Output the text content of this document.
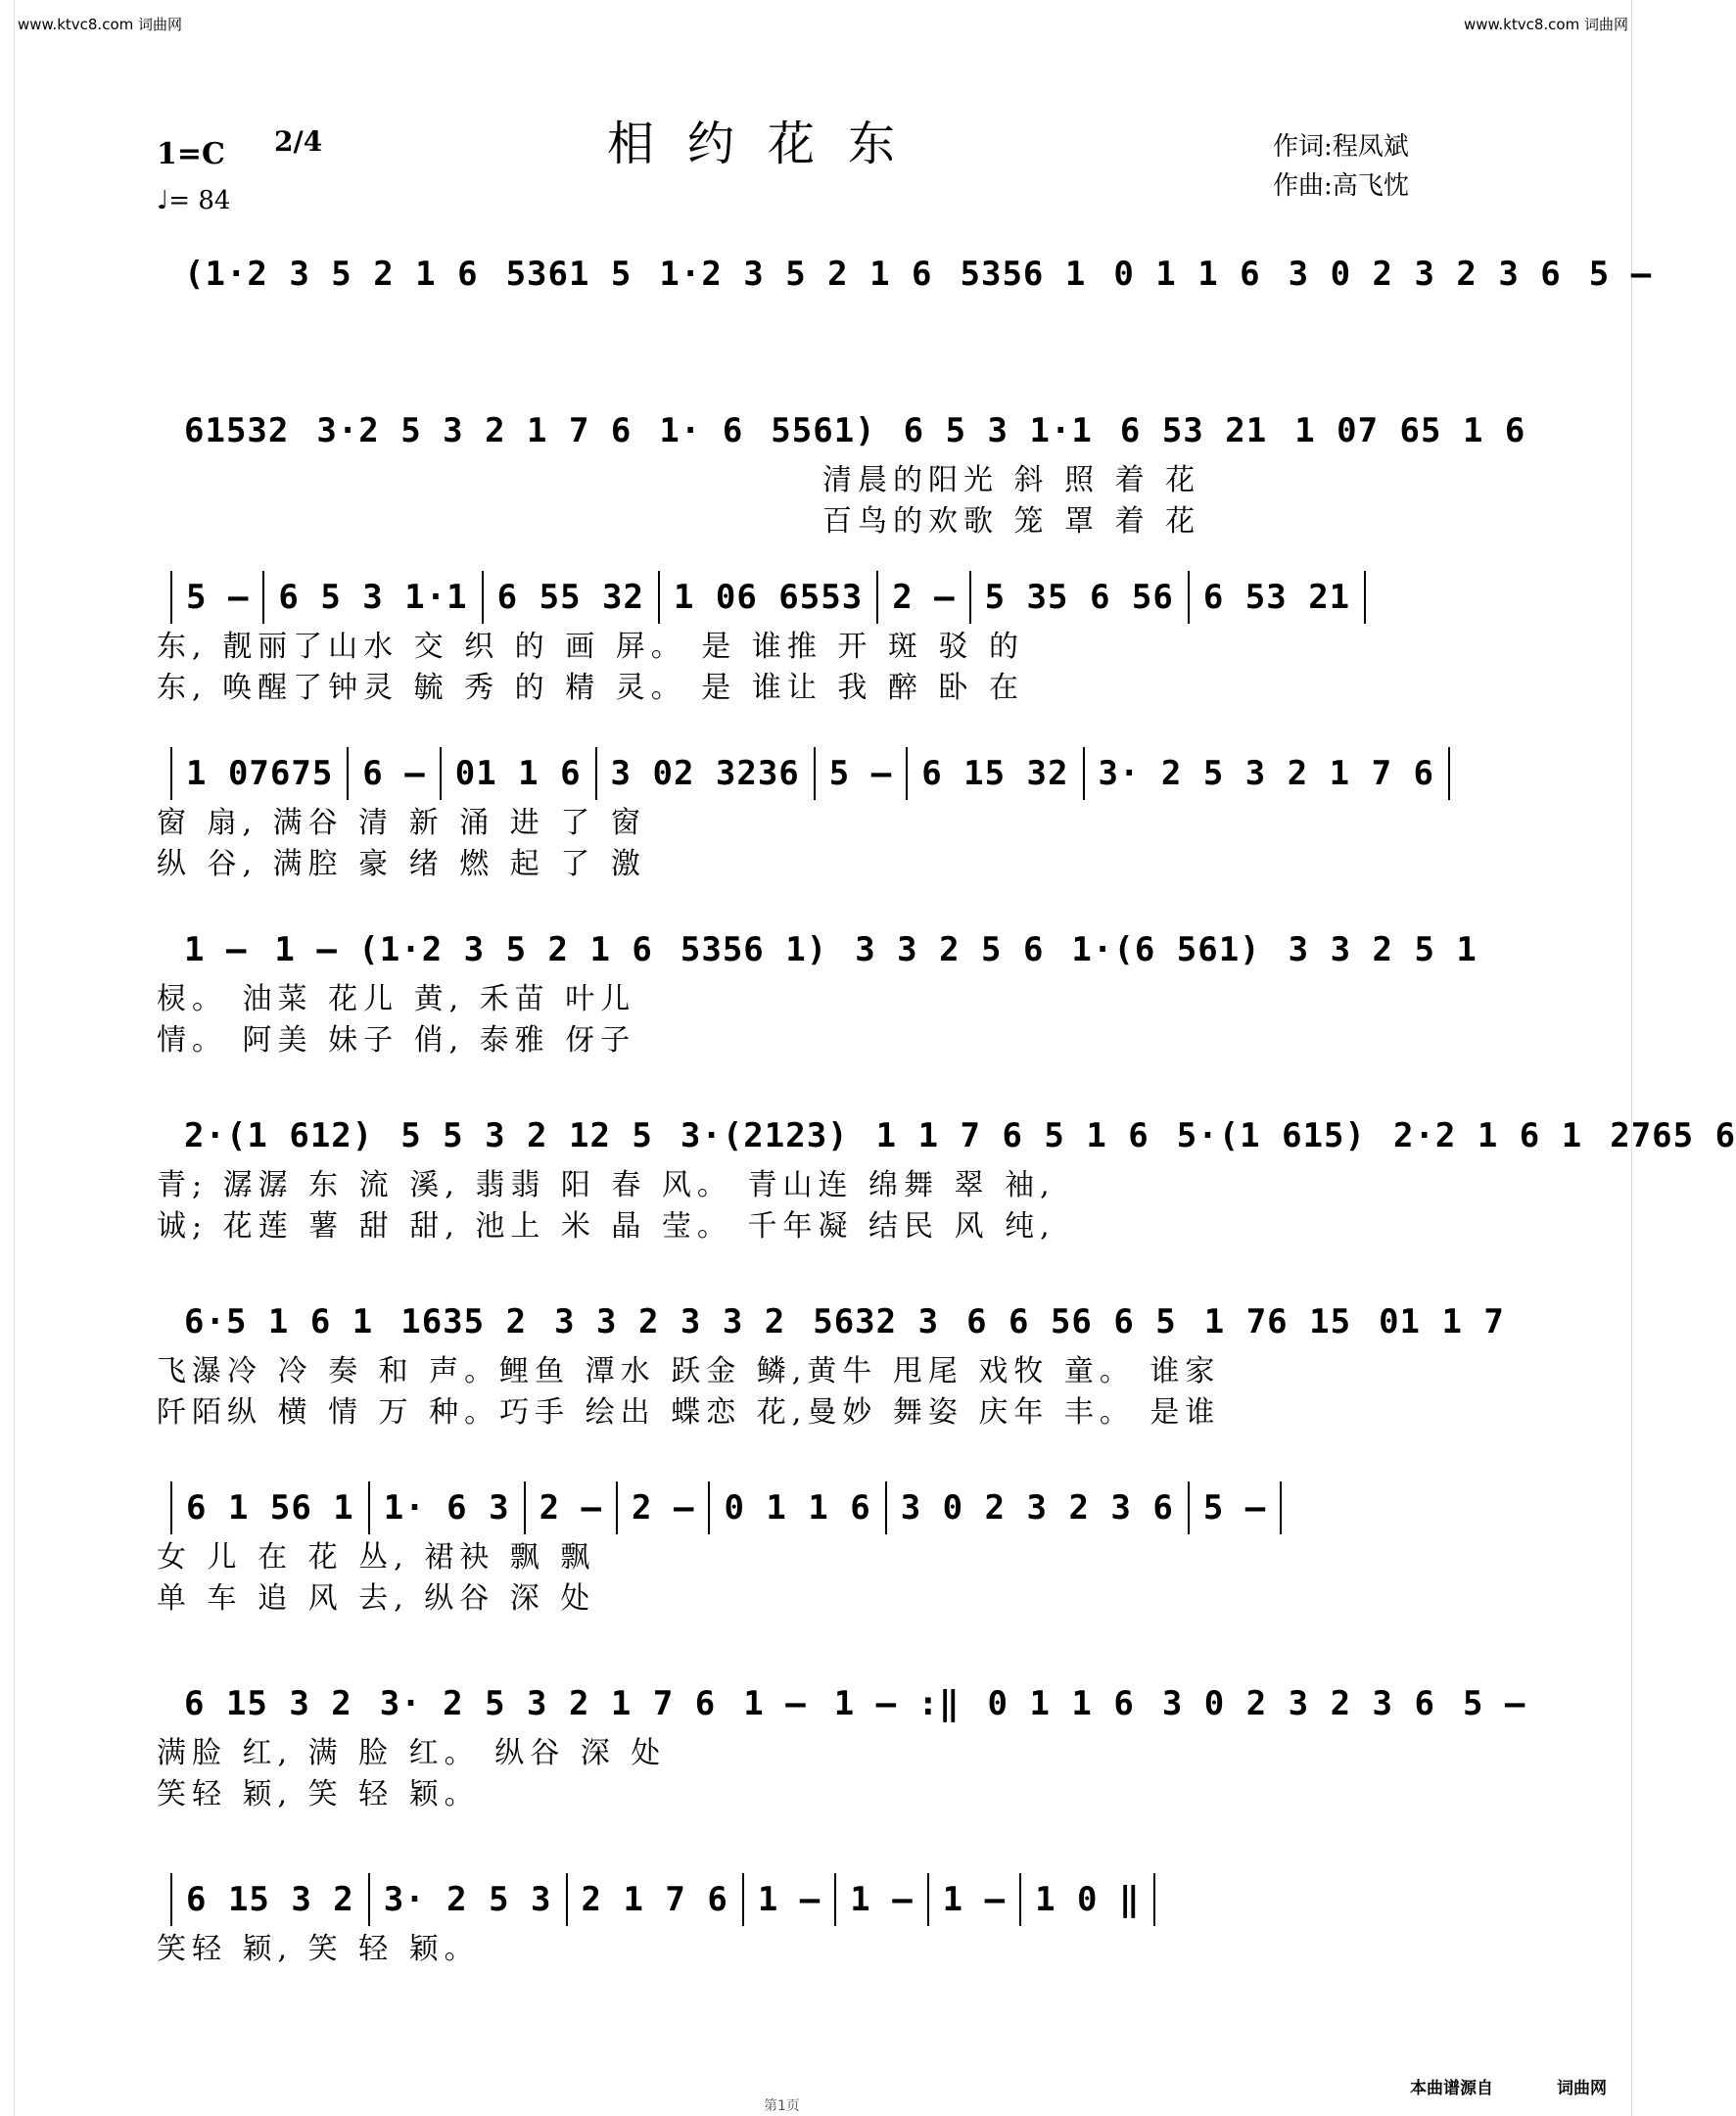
www.ktvc8.com 词曲网	www.ktvc8.com 词曲网
相约花东
1=C
♩= 84
2/4	作词:程凤斌
作曲:高飞忱
(1·2 3 5 2 1 6 5361 5 1·2 3 5 2 1 6 5356 1 0 1 1 6 3 0 2 3 2 3 6 5 –
61532 3·2 5 3 2 1 7 6 1· 6 5561) 6 5 3 1·1 6 53 21 1 07 65 1 6
清晨的阳光 斜 照 着 花
百鸟的欢歌 笼 罩 着 花
5 – 6 5 3 1·1 6 55 32 1 06 6553 2 – 5 35 6 56 6 53 21
东, 靓丽了山水 交 织 的 画 屏。 是 谁推 开 斑 驳 的
东, 唤醒了钟灵 毓 秀 的 精 灵。 是 谁让 我 醉 卧 在
1 07675 6 – 01 1 6 3 02 3236 5 – 6 15 32 3· 2 5 3 2 1 7 6
窗 扇, 满谷 清 新 涌 进 了 窗
纵 谷, 满腔 豪 绪 燃 起 了 激
1 – 1 – (1·2 3 5 2 1 6 5356 1) 3 3 2 5 6 1·(6 561) 3 3 2 5 1
棂。 油菜 花儿 黄, 禾苗 叶儿
情。 阿美 妹子 俏, 泰雅 伢子
2·(1 612) 5 5 3 2 12 5 3·(2123) 1 1 7 6 5 1 6 5·(1 615) 2·2 1 6 1 2765 6
青; 潺潺 东 流 溪, 翡翡 阳 春 风。 青山连 绵舞 翠 袖,
诚; 花莲 薯 甜 甜, 池上 米 晶 莹。 千年凝 结民 风 纯,
6·5 1 6 1 1635 2 3 3 2 3 3 2 5632 3 6 6 56 6 5 1 76 15 01 1 7
飞瀑冷 冷 奏 和 声。鲤鱼 潭水 跃金 鳞,黄牛 甩尾 戏牧 童。 谁家
阡陌纵 横 情 万 种。巧手 绘出 蝶恋 花,曼妙 舞姿 庆年 丰。 是谁
6 1 56 1 1· 6 3 2 – 2 – 0 1 1 6 3 0 2 3 2 3 6 5 –
女 儿 在 花 丛, 裙袂 飘 飘
单 车 追 风 去, 纵谷 深 处
6 15 3 2 3· 2 5 3 2 1 7 6 1 – 1 – :‖ 0 1 1 6 3 0 2 3 2 3 6 5 –
满脸 红, 满 脸 红。 纵谷 深 处
笑轻 颖, 笑 轻 颖。
6 15 3 2 3· 2 5 3 2 1 7 6 1 – 1 – 1 – 1 0 ‖
笑轻 颖, 笑 轻 颖。
本曲谱源自	词曲网
第1页
